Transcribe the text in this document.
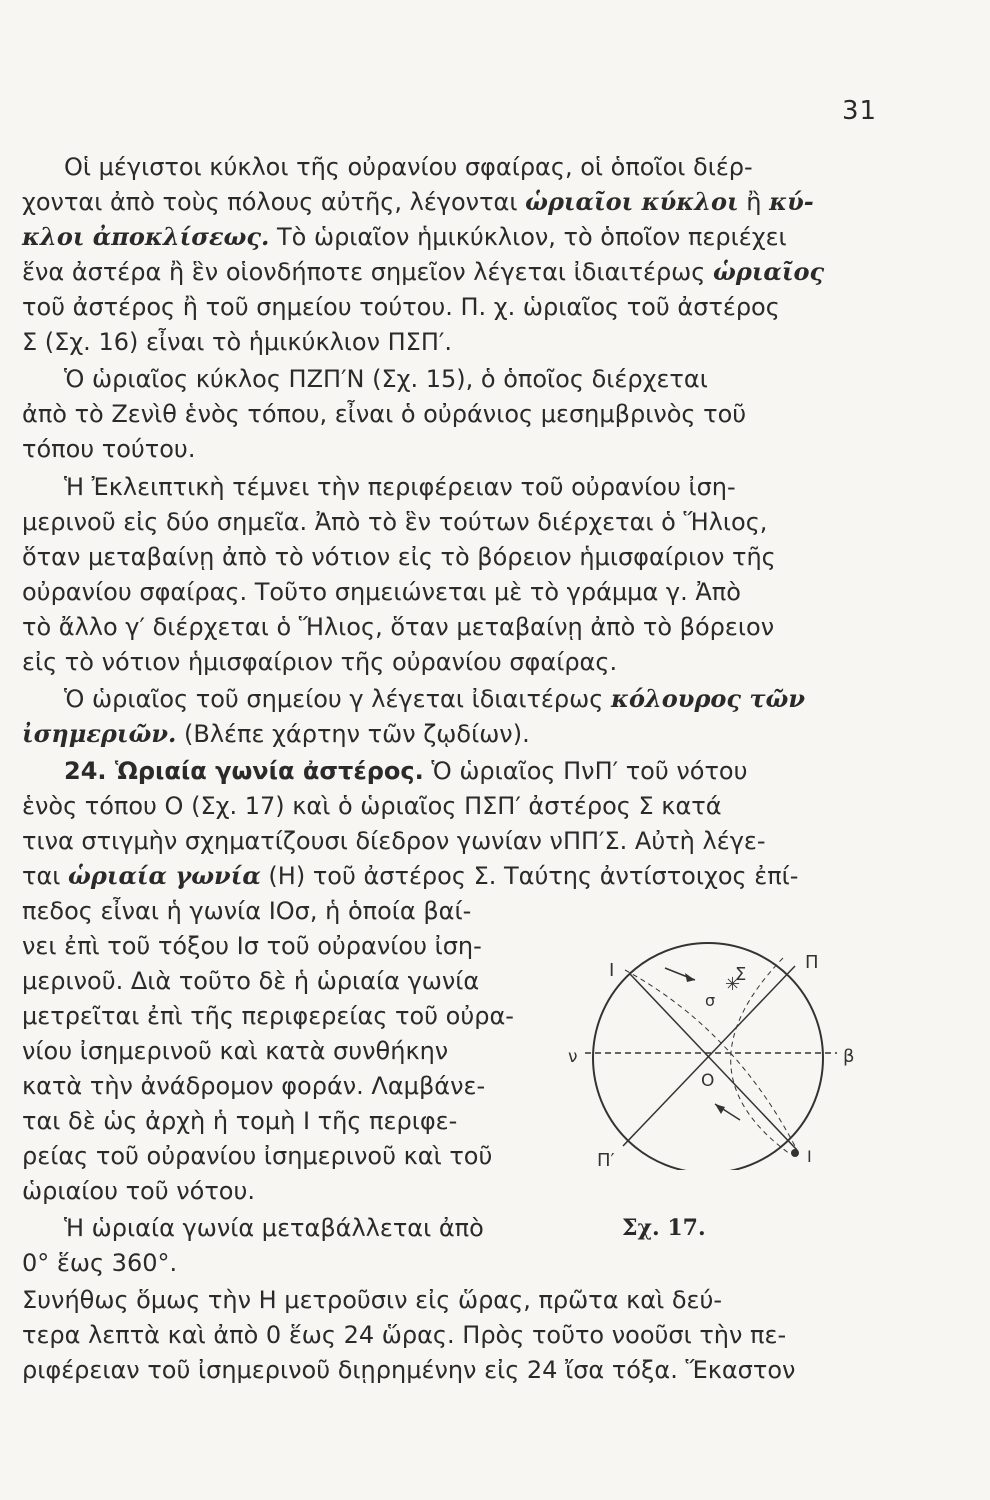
31
Οἱ μέγιστοι κύκλοι τῆς οὐρανίου σφαίρας, οἱ ὁποῖοι διέρ-
χονται ἀπὸ τοὺς πόλους αὐτῆς, λέγονται ὡριαῖοι κύκλοι ἢ κύ-
κλοι ἀποκλίσεως. Τὸ ὡριαῖον ἡμικύκλιον, τὸ ὁποῖον περιέχει
ἕνα ἀστέρα ἢ ἓν οἱονδήποτε σημεῖον λέγεται ἰδιαιτέρως ὡριαῖος
τοῦ ἀστέρος ἢ τοῦ σημείου τούτου. Π. χ. ὡριαῖος τοῦ ἀστέρος
Σ (Σχ. 16) εἶναι τὸ ἡμικύκλιον ΠΣΠ′.
Ὁ ὡριαῖος κύκλος ΠΖΠ′Ν (Σχ. 15), ὁ ὁποῖος διέρχεται
ἀπὸ τὸ Ζενὶθ ἑνὸς τόπου, εἶναι ὁ οὐράνιος μεσημβρινὸς τοῦ
τόπου τούτου.
Ἡ Ἐκλειπτικὴ τέμνει τὴν περιφέρειαν τοῦ οὐρανίου ἰση-
μερινοῦ εἰς δύο σημεῖα. Ἀπὸ τὸ ἓν τούτων διέρχεται ὁ Ἥλιος,
ὅταν μεταβαίνῃ ἀπὸ τὸ νότιον εἰς τὸ βόρειον ἡμισφαίριον τῆς
οὐρανίου σφαίρας. Τοῦτο σημειώνεται μὲ τὸ γράμμα γ. Ἀπὸ
τὸ ἄλλο γ′ διέρχεται ὁ Ἥλιος, ὅταν μεταβαίνῃ ἀπὸ τὸ βόρειον
εἰς τὸ νότιον ἡμισφαίριον τῆς οὐρανίου σφαίρας.
Ὁ ὡριαῖος τοῦ σημείου γ λέγεται ἰδιαιτέρως κόλουρος τῶν
ἰσημεριῶν. (Βλέπε χάρτην τῶν ζῳδίων).
24. Ὡριαία γωνία ἀστέρος. Ὁ ὡριαῖος ΠνΠ′ τοῦ νότου
ἑνὸς τόπου Ο (Σχ. 17) καὶ ὁ ὡριαῖος ΠΣΠ′ ἀστέρος Σ κατά
τινα στιγμὴν σχηματίζουσι δίεδρον γωνίαν νΠΠ′Σ. Αὐτὴ λέγε-
ται ὡριαία γωνία (Η) τοῦ ἀστέρος Σ. Ταύτης ἀντίστοιχος ἐπί-
πεδος εἶναι ἡ γωνία ΙΟσ, ἡ ὁποία βαί-
νει ἐπὶ τοῦ τόξου Ισ τοῦ οὐρανίου ἰση-
μερινοῦ. Διὰ τοῦτο δὲ ἡ ὡριαία γωνία
μετρεῖται ἐπὶ τῆς περιφερείας τοῦ οὐρα-
νίου ἰσημερινοῦ καὶ κατὰ συνθήκην
κατὰ τὴν ἀνάδρομον φοράν. Λαμβάνε-
ται δὲ ὡς ἀρχὴ ἡ τομὴ Ι τῆς περιφε-
ρείας τοῦ οὐρανίου ἰσημερινοῦ καὶ τοῦ
ὡριαίου τοῦ νότου.
Ἡ ὡριαία γωνία μεταβάλλεται ἀπὸ
0° ἕως 360°.
Συνήθως ὅμως τὴν Η μετροῦσιν εἰς ὥρας, πρῶτα καὶ δεύ-
τερα λεπτὰ καὶ ἀπὸ 0 ἕως 24 ὥρας. Πρὸς τοῦτο νοοῦσι τὴν πε-
ριφέρειαν τοῦ ἰσημερινοῦ διῃρημένην εἰς 24 ἴσα τόξα. Ἕκαστον
✳
Ι	Σ
Π
σ
ν
Ο
β
Π′	Ι
Σχ. 17.
